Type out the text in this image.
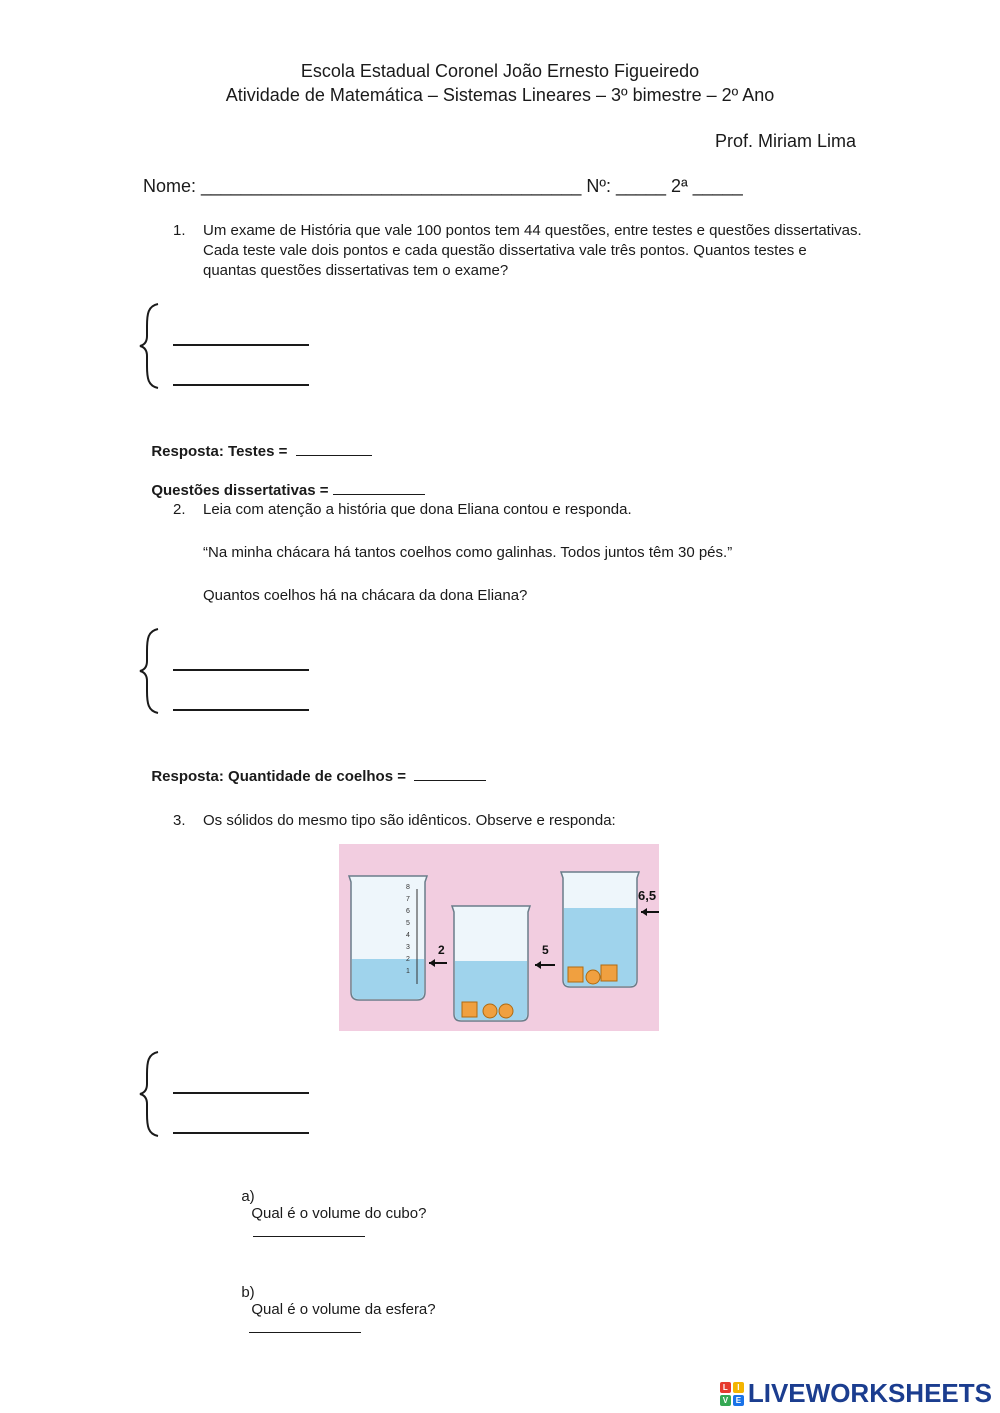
Escola Estadual Coronel João Ernesto Figueiredo
Atividade de Matemática – Sistemas Lineares – 3º bimestre – 2º Ano
Prof. Miriam Lima
Nome: ______________________________________ Nº: _____ 2ª _____
1. Um exame de História que vale 100 pontos tem 44 questões, entre testes e questões dissertativas. Cada teste vale dois pontos e cada questão dissertativa vale três pontos. Quantos testes e quantas questões dissertativas tem o exame?

Resposta: Testes =

Questões dissertativas =

2. Leia com atenção a história que dona Eliana contou e responda.
“Na minha chácara há tantos coelhos como galinhas. Todos juntos têm 30 pés.”
Quantos coelhos há na chácara da dona Eliana?

Resposta: Quantidade de coelhos =

3. Os sólidos do mesmo tipo são idênticos. Observe e responda:
1
2
3
4
5
6
7
8
2	5
6,5

a)
Qual é o volume do cubo?

b)
Qual é o volume da esfera?

L	I
V E LIVEWORKSHEETS
